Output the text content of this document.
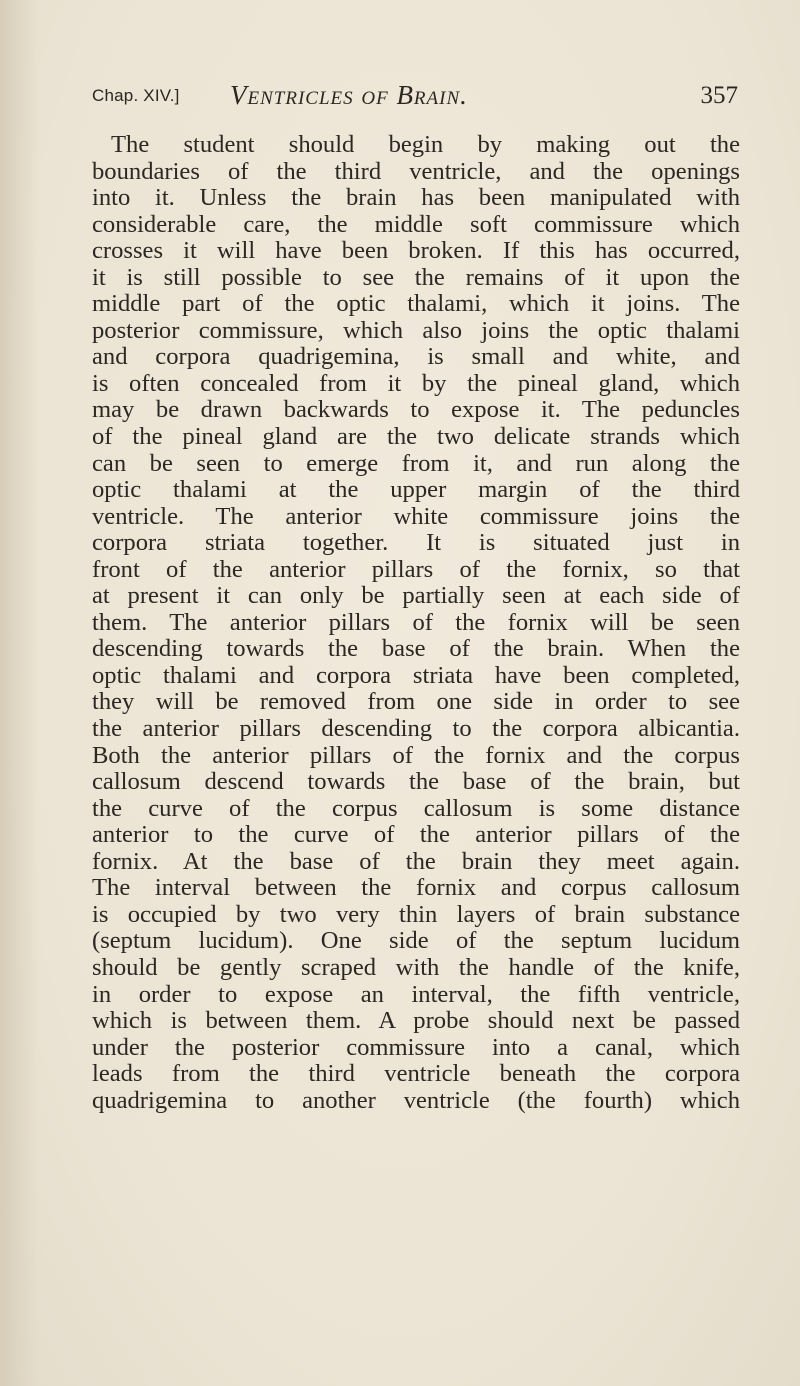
Chap. XIV.] Ventricles of Brain.	357
The student should begin by making out the
boundaries of the third ventricle, and the openings
into it. Unless the brain has been manipulated with
considerable care, the middle soft commissure which
crosses it will have been broken. If this has occurred,
it is still possible to see the remains of it upon the
middle part of the optic thalami, which it joins. The
posterior commissure, which also joins the optic thalami
and corpora quadrigemina, is small and white, and
is often concealed from it by the pineal gland, which
may be drawn backwards to expose it. The peduncles
of the pineal gland are the two delicate strands which
can be seen to emerge from it, and run along the
optic thalami at the upper margin of the third
ventricle. The anterior white commissure joins the
corpora striata together. It is situated just in
front of the anterior pillars of the fornix, so that
at present it can only be partially seen at each side of
them. The anterior pillars of the fornix will be seen
descending towards the base of the brain. When the
optic thalami and corpora striata have been completed,
they will be removed from one side in order to see
the anterior pillars descending to the corpora albicantia.
Both the anterior pillars of the fornix and the corpus
callosum descend towards the base of the brain, but
the curve of the corpus callosum is some distance
anterior to the curve of the anterior pillars of the
fornix. At the base of the brain they meet again.
The interval between the fornix and corpus callosum
is occupied by two very thin layers of brain substance
(septum lucidum). One side of the septum lucidum
should be gently scraped with the handle of the knife,
in order to expose an interval, the fifth ventricle,
which is between them. A probe should next be passed
under the posterior commissure into a canal, which
leads from the third ventricle beneath the corpora
quadrigemina to another ventricle (the fourth) which
